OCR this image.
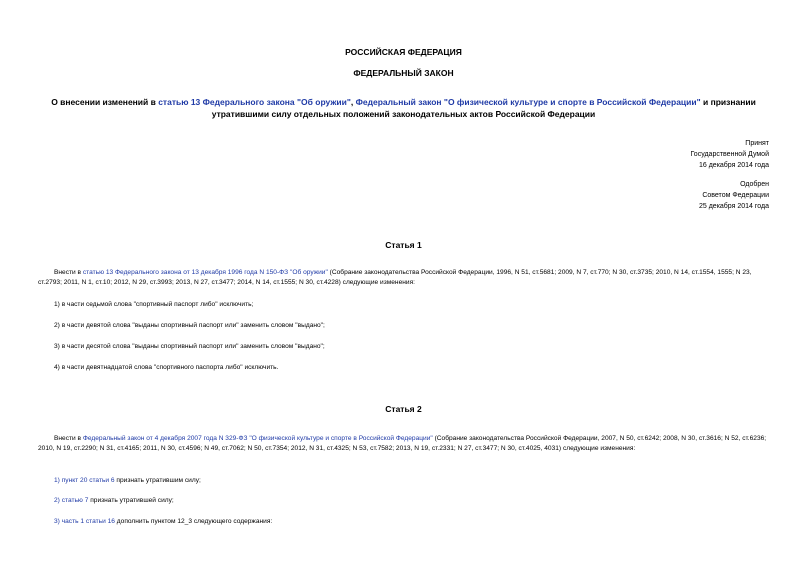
РОССИЙСКАЯ ФЕДЕРАЦИЯ
ФЕДЕРАЛЬНЫЙ ЗАКОН
О внесении изменений в статью 13 Федерального закона "Об оружии", Федеральный закон "О физической культуре и спорте в Российской Федерации" и признании утратившими силу отдельных положений законодательных актов Российской Федерации
Принят
Государственной Думой
16 декабря 2014 года
Одобрен
Советом Федерации
25 декабря 2014 года
Статья 1
Внести в статью 13 Федерального закона от 13 декабря 1996 года N 150-ФЗ "Об оружии" (Собрание законодательства Российской Федерации, 1996, N 51, ст.5681; 2009, N 7, ст.770; N 30, ст.3735; 2010, N 14, ст.1554, 1555; N 23, ст.2793; 2011, N 1, ст.10; 2012, N 29, ст.3993; 2013, N 27, ст.3477; 2014, N 14, ст.1555; N 30, ст.4228) следующие изменения:
1) в части седьмой слова "спортивный паспорт либо" исключить;
2) в части девятой слова "выданы спортивный паспорт или" заменить словом "выдано";
3) в части десятой слова "выданы спортивный паспорт или" заменить словом "выдано";
4) в части девятнадцатой слова "спортивного паспорта либо" исключить.
Статья 2
Внести в Федеральный закон от 4 декабря 2007 года N 329-ФЗ "О физической культуре и спорте в Российской Федерации" (Собрание законодательства Российской Федерации, 2007, N 50, ст.6242; 2008, N 30, ст.3616; N 52, ст.6236; 2010, N 19, ст.2290; N 31, ст.4165; 2011, N 30, ст.4596; N 49, ст.7062; N 50, ст.7354; 2012, N 31, ст.4325; N 53, ст.7582; 2013, N 19, ст.2331; N 27, ст.3477; N 30, ст.4025, 4031) следующие изменения:
1) пункт 20 статьи 6 признать утратившим силу;
2) статью 7 признать утратившей силу;
3) часть 1 статьи 16 дополнить пунктом 12_3 следующего содержания:
